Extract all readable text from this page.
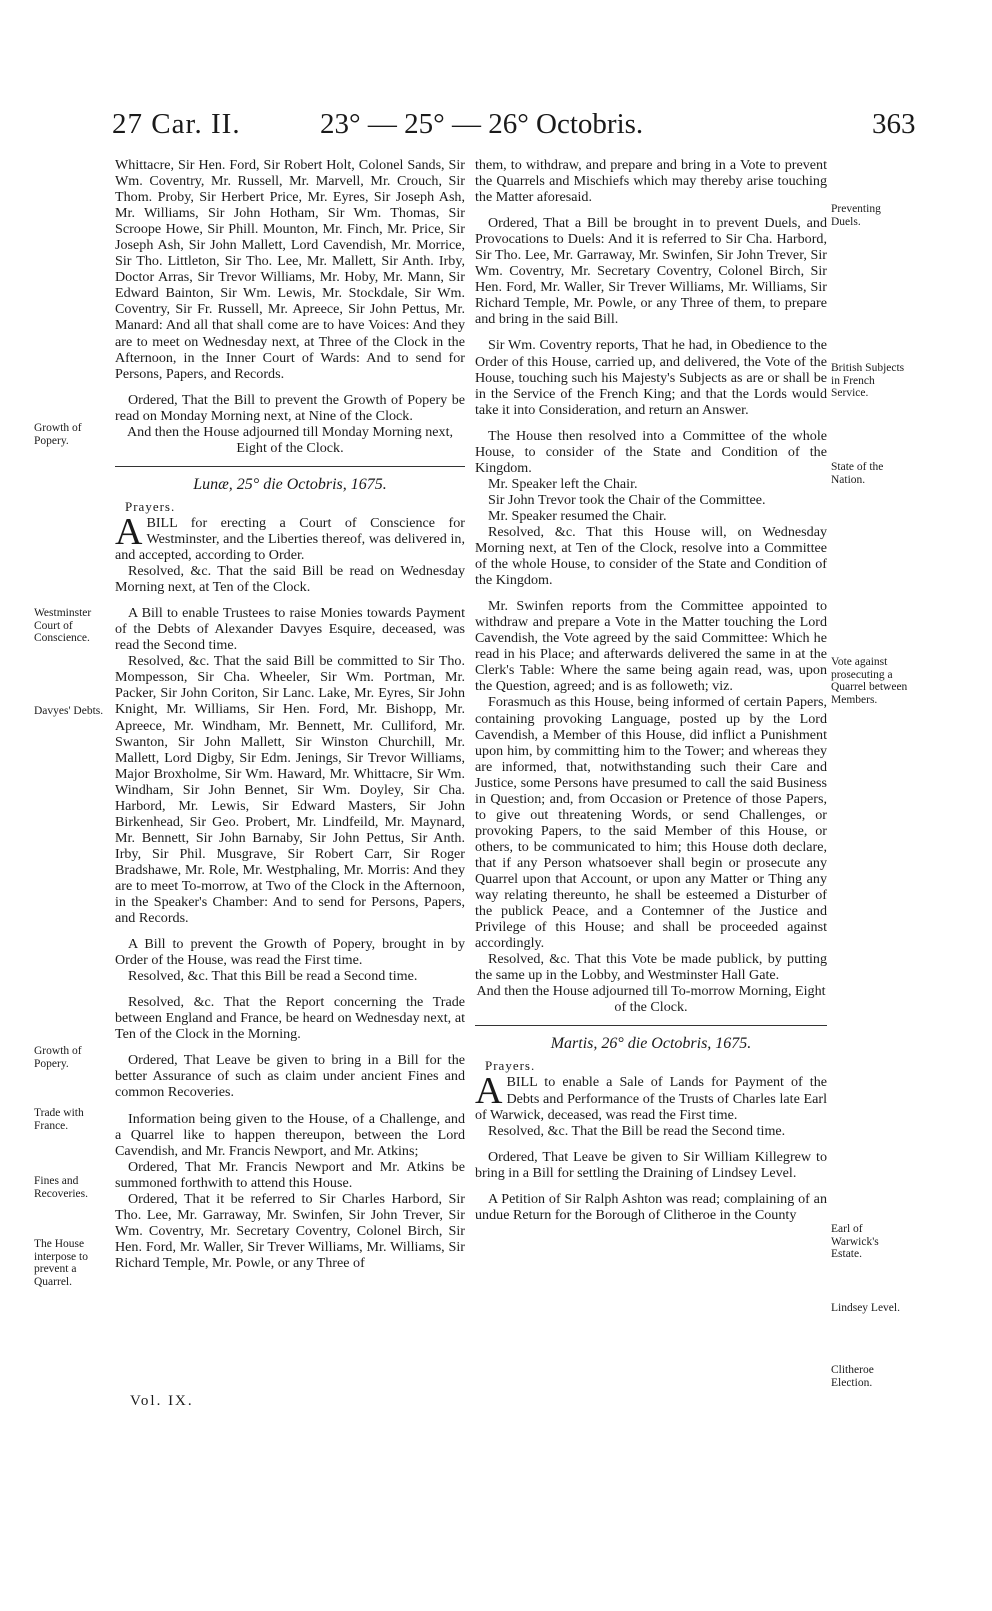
27 Car. II.	23° — 25° — 26° Octobris.	363

Whittacre, Sir Hen. Ford, Sir Robert Holt, Colonel Sands, Sir Wm. Coventry, Mr. Russell, Mr. Marvell, Mr. Crouch, Sir Thom. Proby, Sir Herbert Price, Mr. Eyres, Sir Joseph Ash, Mr. Williams, Sir John Hotham, Sir Wm. Thomas, Sir Scroope Howe, Sir Phill. Mounton, Mr. Finch, Mr. Price, Sir Joseph Ash, Sir John Mallett, Lord Cavendish, Mr. Morrice, Sir Tho. Littleton, Sir Tho. Lee, Mr. Mallett, Sir Anth. Irby, Doctor Arras, Sir Trevor Williams, Mr. Hoby, Mr. Mann, Sir Edward Bainton, Sir Wm. Lewis, Mr. Stockdale, Sir Wm. Coventry, Sir Fr. Russell, Mr. Apreece, Sir John Pettus, Mr. Manard: And all that shall come are to have Voices: And they are to meet on Wednesday next, at Three of the Clock in the Afternoon, in the Inner Court of Wards: And to send for Persons, Papers, and Records.

Ordered, That the Bill to prevent the Growth of Popery be read on Monday Morning next, at Nine of the Clock.

And then the House adjourned till Monday Morning next, Eight of the Clock.

Lunæ, 25° die Octobris, 1675.
Prayers.

A BILL for erecting a Court of Conscience for Westminster, and the Liberties thereof, was delivered in, and accepted, according to Order.

Resolved, &c. That the said Bill be read on Wednesday Morning next, at Ten of the Clock.

A Bill to enable Trustees to raise Monies towards Payment of the Debts of Alexander Davyes Esquire, deceased, was read the Second time.

Resolved, &c. That the said Bill be committed to Sir Tho. Mompesson, Sir Cha. Wheeler, Sir Wm. Portman, Mr. Packer, Sir John Coriton, Sir Lanc. Lake, Mr. Eyres, Sir John Knight, Mr. Williams, Sir Hen. Ford, Mr. Bishopp, Mr. Apreece, Mr. Windham, Mr. Bennett, Mr. Culliford, Mr. Swanton, Sir John Mallett, Sir Winston Churchill, Mr. Mallett, Lord Digby, Sir Edm. Jenings, Sir Trevor Williams, Major Broxholme, Sir Wm. Haward, Mr. Whittacre, Sir Wm. Windham, Sir John Bennet, Sir Wm. Doyley, Sir Cha. Harbord, Mr. Lewis, Sir Edward Masters, Sir John Birkenhead, Sir Geo. Probert, Mr. Lindfeild, Mr. Maynard, Mr. Bennett, Sir John Barnaby, Sir John Pettus, Sir Anth. Irby, Sir Phil. Musgrave, Sir Robert Carr, Sir Roger Bradshawe, Mr. Role, Mr. Westphaling, Mr. Morris: And they are to meet To-morrow, at Two of the Clock in the Afternoon, in the Speaker's Chamber: And to send for Persons, Papers, and Records.

A Bill to prevent the Growth of Popery, brought in by Order of the House, was read the First time.

Resolved, &c. That this Bill be read a Second time.

Resolved, &c. That the Report concerning the Trade between England and France, be heard on Wednesday next, at Ten of the Clock in the Morning.

Ordered, That Leave be given to bring in a Bill for the better Assurance of such as claim under ancient Fines and common Recoveries.

Information being given to the House, of a Challenge, and a Quarrel like to happen thereupon, between the Lord Cavendish, and Mr. Francis Newport, and Mr. Atkins;

Ordered, That Mr. Francis Newport and Mr. Atkins be summoned forthwith to attend this House.

Ordered, That it be referred to Sir Charles Harbord, Sir Tho. Lee, Mr. Garraway, Mr. Swinfen, Sir John Trever, Sir Wm. Coventry, Mr. Secretary Coventry, Colonel Birch, Sir Hen. Ford, Mr. Waller, Sir Trever Williams, Mr. Williams, Sir Richard Temple, Mr. Powle, or any Three of

them, to withdraw, and prepare and bring in a Vote to prevent the Quarrels and Mischiefs which may thereby arise touching the Matter aforesaid.

Ordered, That a Bill be brought in to prevent Duels, and Provocations to Duels: And it is referred to Sir Cha. Harbord, Sir Tho. Lee, Mr. Garraway, Mr. Swinfen, Sir John Trever, Sir Wm. Coventry, Mr. Secretary Coventry, Colonel Birch, Sir Hen. Ford, Mr. Waller, Sir Trever Williams, Mr. Williams, Sir Richard Temple, Mr. Powle, or any Three of them, to prepare and bring in the said Bill.

Sir Wm. Coventry reports, That he had, in Obedience to the Order of this House, carried up, and delivered, the Vote of the House, touching such his Majesty's Subjects as are or shall be in the Service of the French King; and that the Lords would take it into Consideration, and return an Answer.

The House then resolved into a Committee of the whole House, to consider of the State and Condition of the Kingdom.

Mr. Speaker left the Chair.

Sir John Trevor took the Chair of the Committee.

Mr. Speaker resumed the Chair.

Resolved, &c. That this House will, on Wednesday Morning next, at Ten of the Clock, resolve into a Committee of the whole House, to consider of the State and Condition of the Kingdom.

Mr. Swinfen reports from the Committee appointed to withdraw and prepare a Vote in the Matter touching the Lord Cavendish, the Vote agreed by the said Committee: Which he read in his Place; and afterwards delivered the same in at the Clerk's Table: Where the same being again read, was, upon the Question, agreed; and is as followeth; viz.

Forasmuch as this House, being informed of certain Papers, containing provoking Language, posted up by the Lord Cavendish, a Member of this House, did inflict a Punishment upon him, by committing him to the Tower; and whereas they are informed, that, notwithstanding such their Care and Justice, some Persons have presumed to call the said Business in Question; and, from Occasion or Pretence of those Papers, to give out threatening Words, or send Challenges, or provoking Papers, to the said Member of this House, or others, to be communicated to him; this House doth declare, that if any Person whatsoever shall begin or prosecute any Quarrel upon that Account, or upon any Matter or Thing any way relating thereunto, he shall be esteemed a Disturber of the publick Peace, and a Contemner of the Justice and Privilege of this House; and shall be proceeded against accordingly.

Resolved, &c. That this Vote be made publick, by putting the same up in the Lobby, and Westminster Hall Gate.

And then the House adjourned till To-morrow Morning, Eight of the Clock.

Martis, 26° die Octobris, 1675.
Prayers.

A BILL to enable a Sale of Lands for Payment of the Debts and Performance of the Trusts of Charles late Earl of Warwick, deceased, was read the First time.

Resolved, &c. That the Bill be read the Second time.

Ordered, That Leave be given to Sir William Killegrew to bring in a Bill for settling the Draining of Lindsey Level.

A Petition of Sir Ralph Ashton was read; complaining of an undue Return for the Borough of Clitheroe in the County

Growth of Popery.
Westminster Court of Conscience.
Davyes' Debts.
Growth of Popery.
Trade with France.
Fines and Recoveries.
The House interpose to prevent a Quarrel.
Preventing Duels.
British Subjects in French Service.
State of the Nation.
Vote against prosecuting a Quarrel between Members.
Earl of Warwick's Estate.
Lindsey Level.
Clitheroe Election.
Vol. IX.
